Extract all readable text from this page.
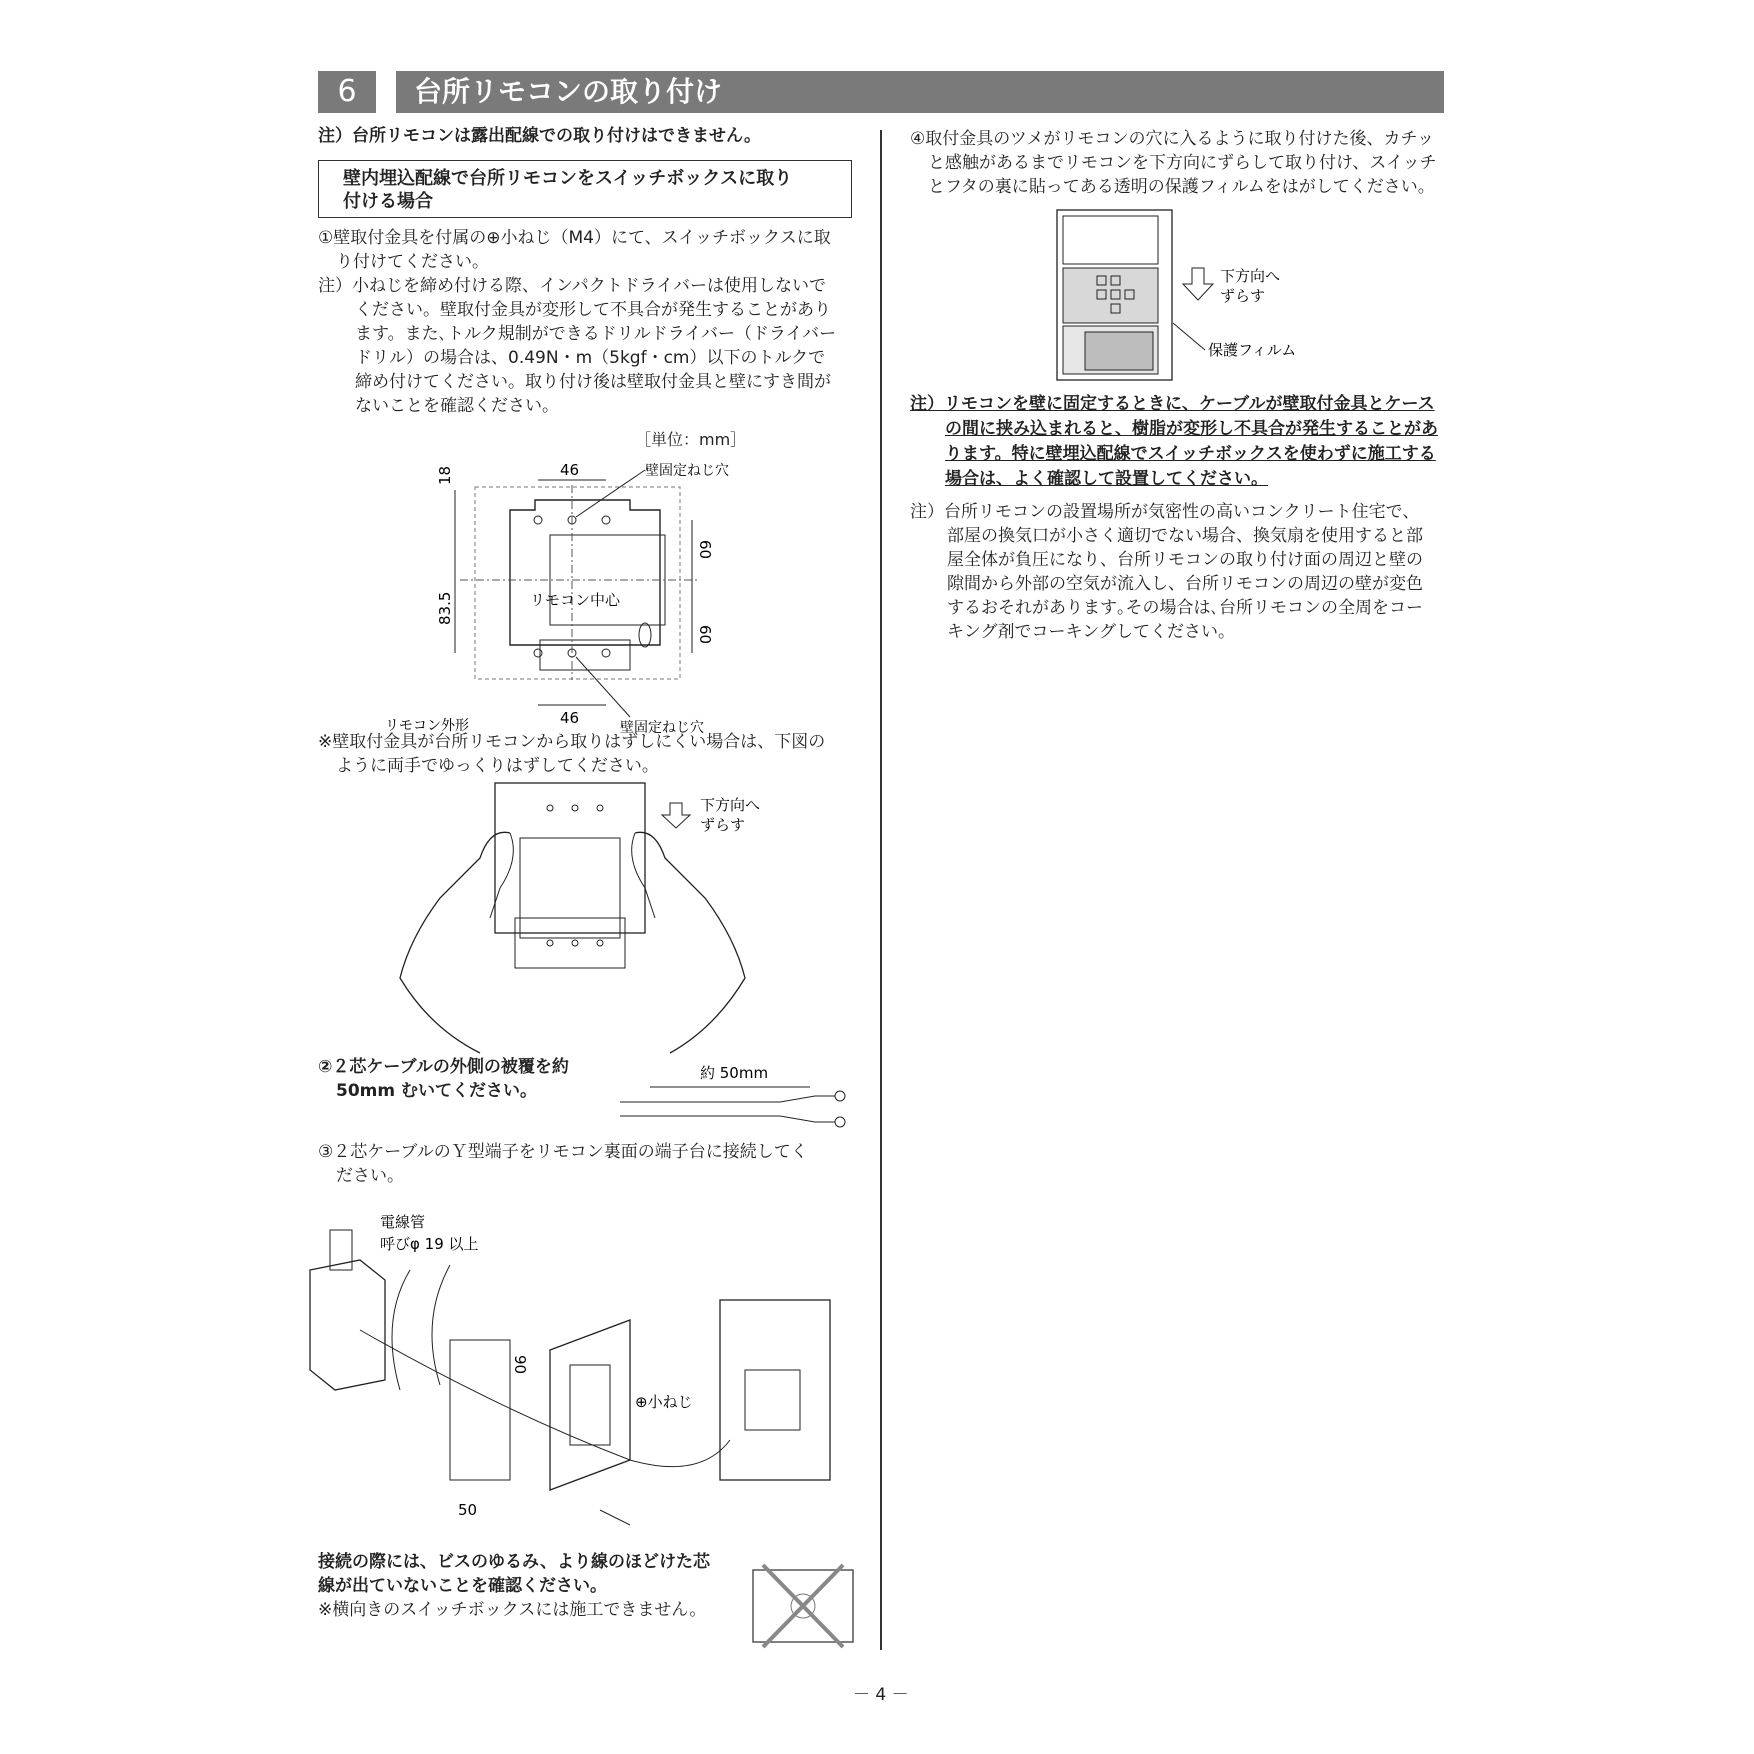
6	台所リモコンの取り付け
注）台所リモコンは露出配線での取り付けはできません。
壁内埋込配線で台所リモコンをスイッチボックスに取り
付ける場合
①壁取付金具を付属の⊕小ねじ（M4）にて、スイッチボックスに取
り付けてください。
注）小ねじを締め付ける際、インパクトドライバーは使用しないで
ください。壁取付金具が変形して不具合が発生することがあり
ます。また､トルク規制ができるドリルドライバー（ドライバー
ドリル）の場合は、0.49N・m（5kgf・cm）以下のトルクで
締め付けてください。取り付け後は壁取付金具と壁にすき間が
ないことを確認ください。
［単位：mm］
46
46
18
83.5
60
60
リモコン中心
壁固定ねじ穴
リモコン外形	壁固定ねじ穴
※壁取付金具が台所リモコンから取りはずしにくい場合は、下図の
ように両手でゆっくりはずしてください。
下方向へ
ずらす
②２芯ケーブルの外側の被覆を約
50mm むいてください。
約 50mm
③２芯ケーブルのＹ型端子をリモコン裏面の端子台に接続してく
ださい。
電線管
呼びφ 19 以上
90
50
⊕小ねじ
接続の際には、ビスのゆるみ、より線のほどけた芯
線が出ていないことを確認ください。
※横向きのスイッチボックスには施工できません。
④取付金具のツメがリモコンの穴に入るように取り付けた後、カチッ
と感触があるまでリモコンを下方向にずらして取り付け、スイッチ
とフタの裏に貼ってある透明の保護フィルムをはがしてください。
下方向へ
ずらす
保護フィルム
注）リモコンを壁に固定するときに、ケーブルが壁取付金具とケース
の間に挟み込まれると、樹脂が変形し不具合が発生することがあ
ります。特に壁埋込配線でスイッチボックスを使わずに施工する
場合は、よく確認して設置してください。
注）台所リモコンの設置場所が気密性の高いコンクリート住宅で、
部屋の換気口が小さく適切でない場合、換気扇を使用すると部
屋全体が負圧になり、台所リモコンの取り付け面の周辺と壁の
隙間から外部の空気が流入し、台所リモコンの周辺の壁が変色
するおそれがあります｡その場合は､台所リモコンの全周をコー
キング剤でコーキングしてください。
－ 4 －
